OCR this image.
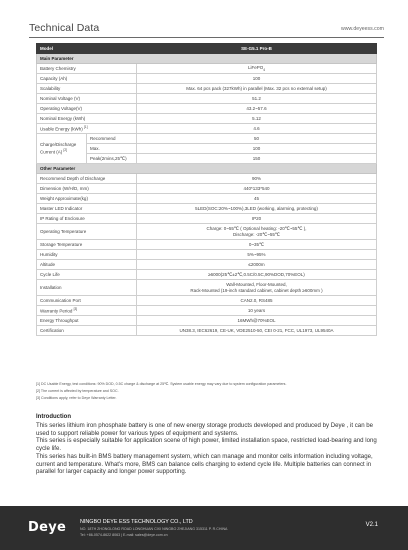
Technical Data	www.deyeess.com
Model		SE-G5.1 Pro-B
Main Parameter		
Battery Chemistry		LiFePO$_4$
Capacity (Ah)		100
Scalability		Max. 64 pcs pack (327kWh) in parallel (Max. 32 pcs no external setup)
Nominal Voltage (V)		51.2
Operating Voltage(V)		43.2~57.6
Nominal Energy (kWh)		5.12
Usable Energy (kWh) [1]		4.6
Charge/Discharge Current (A) [2]	Recommend	50
	Max.	100
	Peak(2mins,25℃)	150
Other Parameter		
Recommend Depth of Discharge		90%
Dimension (W/H/D, mm)		440*133*540
Weight Approximate(kg)		45
Master LED Indicator		5LED(SOC:20%~100%),3LED (working, alarming, protecting)
IP Rating of Enclosure		IP20
Operating Temperature		Charge: 0~55℃ ( Optional heating: -20℃~55℃ ),
Discharge: -20℃~55℃

Storage Temperature		0~35℃
Humidity		5%~95%
Altitude		≤2000m
Cycle Life		≥6000(25℃±2℃,0.5C/0.5C,90%DOD,70%EOL)
Installation		Wall-Mounted, Floor-Mounted,
Rack-Mounted (19-inch standard cabinet, cabinet depth ≥600mm )

Communication Port		CAN2.0, RS485
Warranty Period [3]		10 years
Energy Throughput		16MWh@70%EOL
Certification		UN38.3, IEC62619, CE-UK, VDE2510-50, CEI 0-21, FCC, UL1973, UL9540A
[1] DC Usable Energy, test conditions: 90% DOD, 0.5C charge & discharge at 25℃. System usable energy may vary due to system configuration parameters.
[2] The current is affected by temperature and SOC.
[3] Conditions apply, refer to Deye Warranty Letter.
Introduction
This series lithium iron phosphate battery is one of new energy storage products developed and produced by Deye , it can be used to support reliable power for various types of equipment and systems.
This series is especially suitable for application scene of high power, limited installation space, restricted load-bearing and long cycle life.
This series has built-in BMS battery management system, which can manage and monitor cells information including voltage, current and temperature. What's more, BMS can balance cells charging to extend cycle life. Multiple batteries can connect in parallel for larger capacity and longer power supporting.
Deye	NINGBO DEYE ESS TECHNOLOGY CO., LTD
NO. 18TH ZHONGLONG ROAD LONGHUAN CIXI NINGBO ZHEJIANG 315311 P. R.CHINA
Tel: +86-0574-8622 8063 | E-mail: sales@deye.com.cn
V2.1
